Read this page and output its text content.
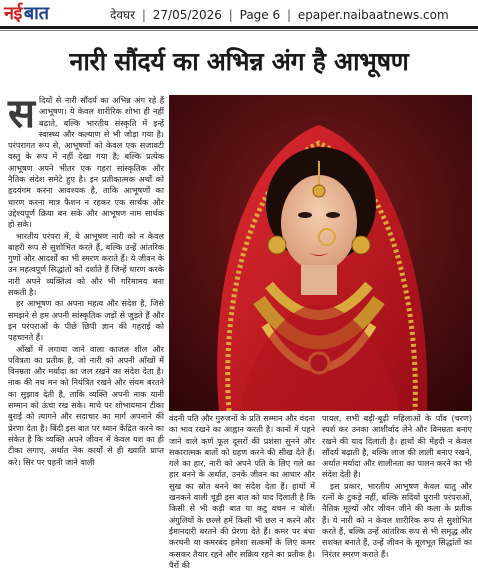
नई बात	देवघर | 27/05/2026 | Page 6 | epaper.naibaatnews.com
नारी सौंदर्य का अभिन्न अंग है आभूषण
स दियों से नारी सौंदर्य का अभिन्न अंग रहे हैं आभूषण। ये केवल शारीरिक शोभा ही नहीं बढ़ाते, बल्कि भारतीय संस्कृति में इन्हें स्वास्थ्य और कल्याण से भी जोड़ा गया है। परंपरागत रूप से, आभूषणों को केवल एक सजावटी वस्तु के रूप में नहीं देखा गया है; बल्कि प्रत्येक आभूषण अपने भीतर एक गहरा सांस्कृतिक और नैतिक संदेश समेटे हुए है। इन प्रतीकात्मक अर्थों को हृदयंगम करना आवश्यक है, ताकि आभूषणों का धारण करना मात्र फैशन न रहकर एक सार्थक और उद्देश्यपूर्ण क्रिया बन सके और आभूषण नाम सार्थक हो सके।

भारतीय परंपरा में, ये आभूषण नारी को न केवल बाहरी रूप से सुशोभित करते हैं, बल्कि उन्हें आंतरिक गुणों और आदर्शों का भी स्मरण कराते हैं। ये जीवन के उन महत्वपूर्ण सिद्धांतों को दर्शाते हैं जिन्हें धारण करके नारी अपने व्यक्तित्व को और भी गरिमामय बना सकती है।

हर आभूषण का अपना महत्व और संदेश है, जिसे समझने से हम अपनी सांस्कृतिक जड़ों से जुड़ते हैं और इन परंपराओं के पीछे छिपी ज्ञान की गहराई को पहचानते हैं।

आँखों में लगाया जाने वाला काजल शील और पवित्रता का प्रतीक है, जो नारी को अपनी आँखों में विनम्रता और मर्यादा का जल रखने का संदेश देता है। नाक की नथ मन को नियंत्रित रखने और संयम बरतने का सुझाव देती है, ताकि व्यक्ति अपनी नाक यानी सम्मान को ऊंचा रख सके। माथे पर शोभायमान टीका बुराई को त्यागने और सदाचार का मार्ग अपनाने की प्रेरणा देता है। बिंदी इस बात पर ध्यान केंद्रित करने का संकेत है कि व्यक्ति अपने जीवन में केवल यश का ही टीका लगाए, अर्थात नेक कार्यों से ही ख्याति प्राप्त करे। सिर पर पहनी जाने वाली

वंदनी पति और गुरुजनों के प्रति सम्मान और वंदना का भाव रखने का आह्वान करती है। कानों में पहने जाने वाले कर्ण फूल दूसरों की प्रशंसा सुनने और सकारात्मक बातों को ग्रहण करने की सीख देते हैं। गले का हार, नारी को अपने पति के लिए गले का हार बनने के अर्थात, उनके जीवन का आधार और सुख का स्रोत बनने का संदेश देता है। हाथों में खनकने वाली चूड़ी इस बात को याद दिलाती है कि किसी से भी कड़ी बात या कटु वचन न बोलें। अंगुलियों के छल्ले हमें किसी भी छल न करने और ईमानदारी बरतने की प्रेरणा देते हैं। कमर पर बंधा करधनी या कमरबंद हमेशा सत्कर्मों के लिए कमर कसकर तैयार रहने और सक्रिय रहने का प्रतीक है। पैरों की

पायल, सभी बड़ी-बूढ़ी महिलाओं के पाँव (चरण) स्पर्श कर उनका आशीर्वाद लेने और विनम्रता बनाए रखने की याद दिलाती है। हाथों की मेंहदी न केवल सौंदर्य बढ़ाती है, बल्कि लाज की लाली बनाए रखने, अर्थात मर्यादा और शालीनता का पालन करने का भी संदेश देती है।

इस प्रकार, भारतीय आभूषण केवल धातु और रत्नों के टुकड़े नहीं, बल्कि सदियों पुरानी परंपराओं, नैतिक मूल्यों और जीवन जीने की कला के प्रतीक हैं। ये नारी को न केवल शारीरिक रूप से सुशोभित करते हैं, बल्कि उन्हें आंतरिक रूप से भी समृद्ध और सशक्त बनाते हैं, उन्हें जीवन के मूलभूत सिद्धांतों का निरंतर स्मरण कराते हैं।
